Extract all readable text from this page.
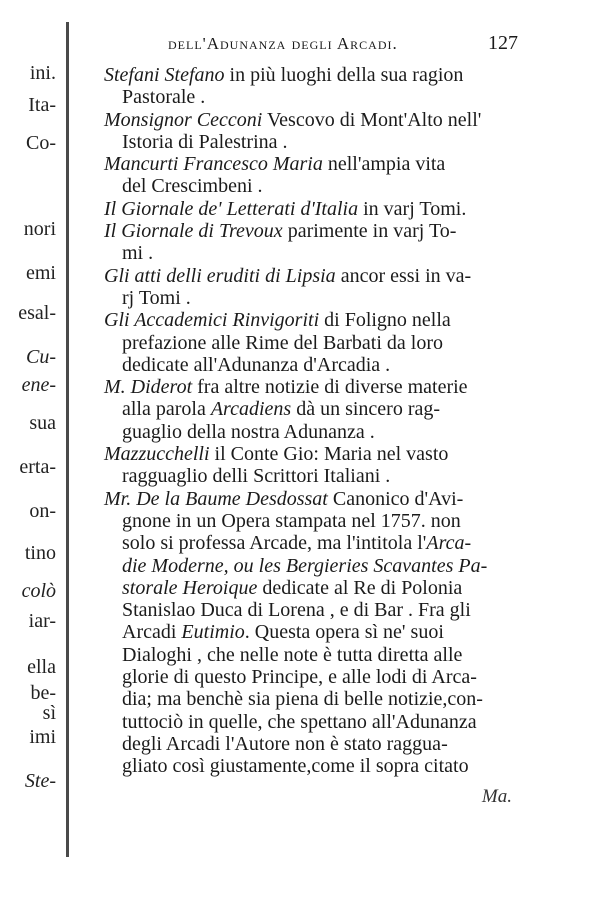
ini.
Ita-
Co-
nori
emi
esal-
Cu-
ene-
sua
erta-
on-
tino
colò
iar-
ella
be-
sì
imi
Ste-
dell'Adunanza degli Arcadi.	127
Stefani Stefano in più luoghi della sua ragion
Pastorale .
Monsignor Cecconi Vescovo di Mont'Alto nell'
Istoria di Palestrina .
Mancurti Francesco Maria nell'ampia vita
del Crescimbeni .
Il Giornale de' Letterati d'Italia in varj Tomi.
Il Giornale di Trevoux parimente in varj To-
mi .
Gli atti delli eruditi di Lipsia ancor essi in va-
rj Tomi .
Gli Accademici Rinvigoriti di Foligno nella
prefazione alle Rime del Barbati da loro
dedicate all'Adunanza d'Arcadia .
M. Diderot fra altre notizie di diverse materie
alla parola Arcadiens dà un sincero rag-
guaglio della nostra Adunanza .
Mazzucchelli il Conte Gio: Maria nel vasto
ragguaglio delli Scrittori Italiani .
Mr. De la Baume Desdossat Canonico d'Avi-
gnone in un Opera stampata nel 1757. non
solo si professa Arcade, ma l'intitola l'Arca-
die Moderne, ou les Bergieries Scavantes Pa-
storale Heroique dedicate al Re di Polonia
Stanislao Duca di Lorena , e di Bar . Fra gli
Arcadi Eutimio. Questa opera sì ne' suoi
Dialoghi , che nelle note è tutta diretta alle
glorie di questo Principe, e alle lodi di Arca-
dia; ma benchè sia piena di belle notizie,con-
tuttociò in quelle, che spettano all'Adunanza
degli Arcadi l'Autore non è stato raggua-
gliato così giustamente,come il sopra citato
Ma.
